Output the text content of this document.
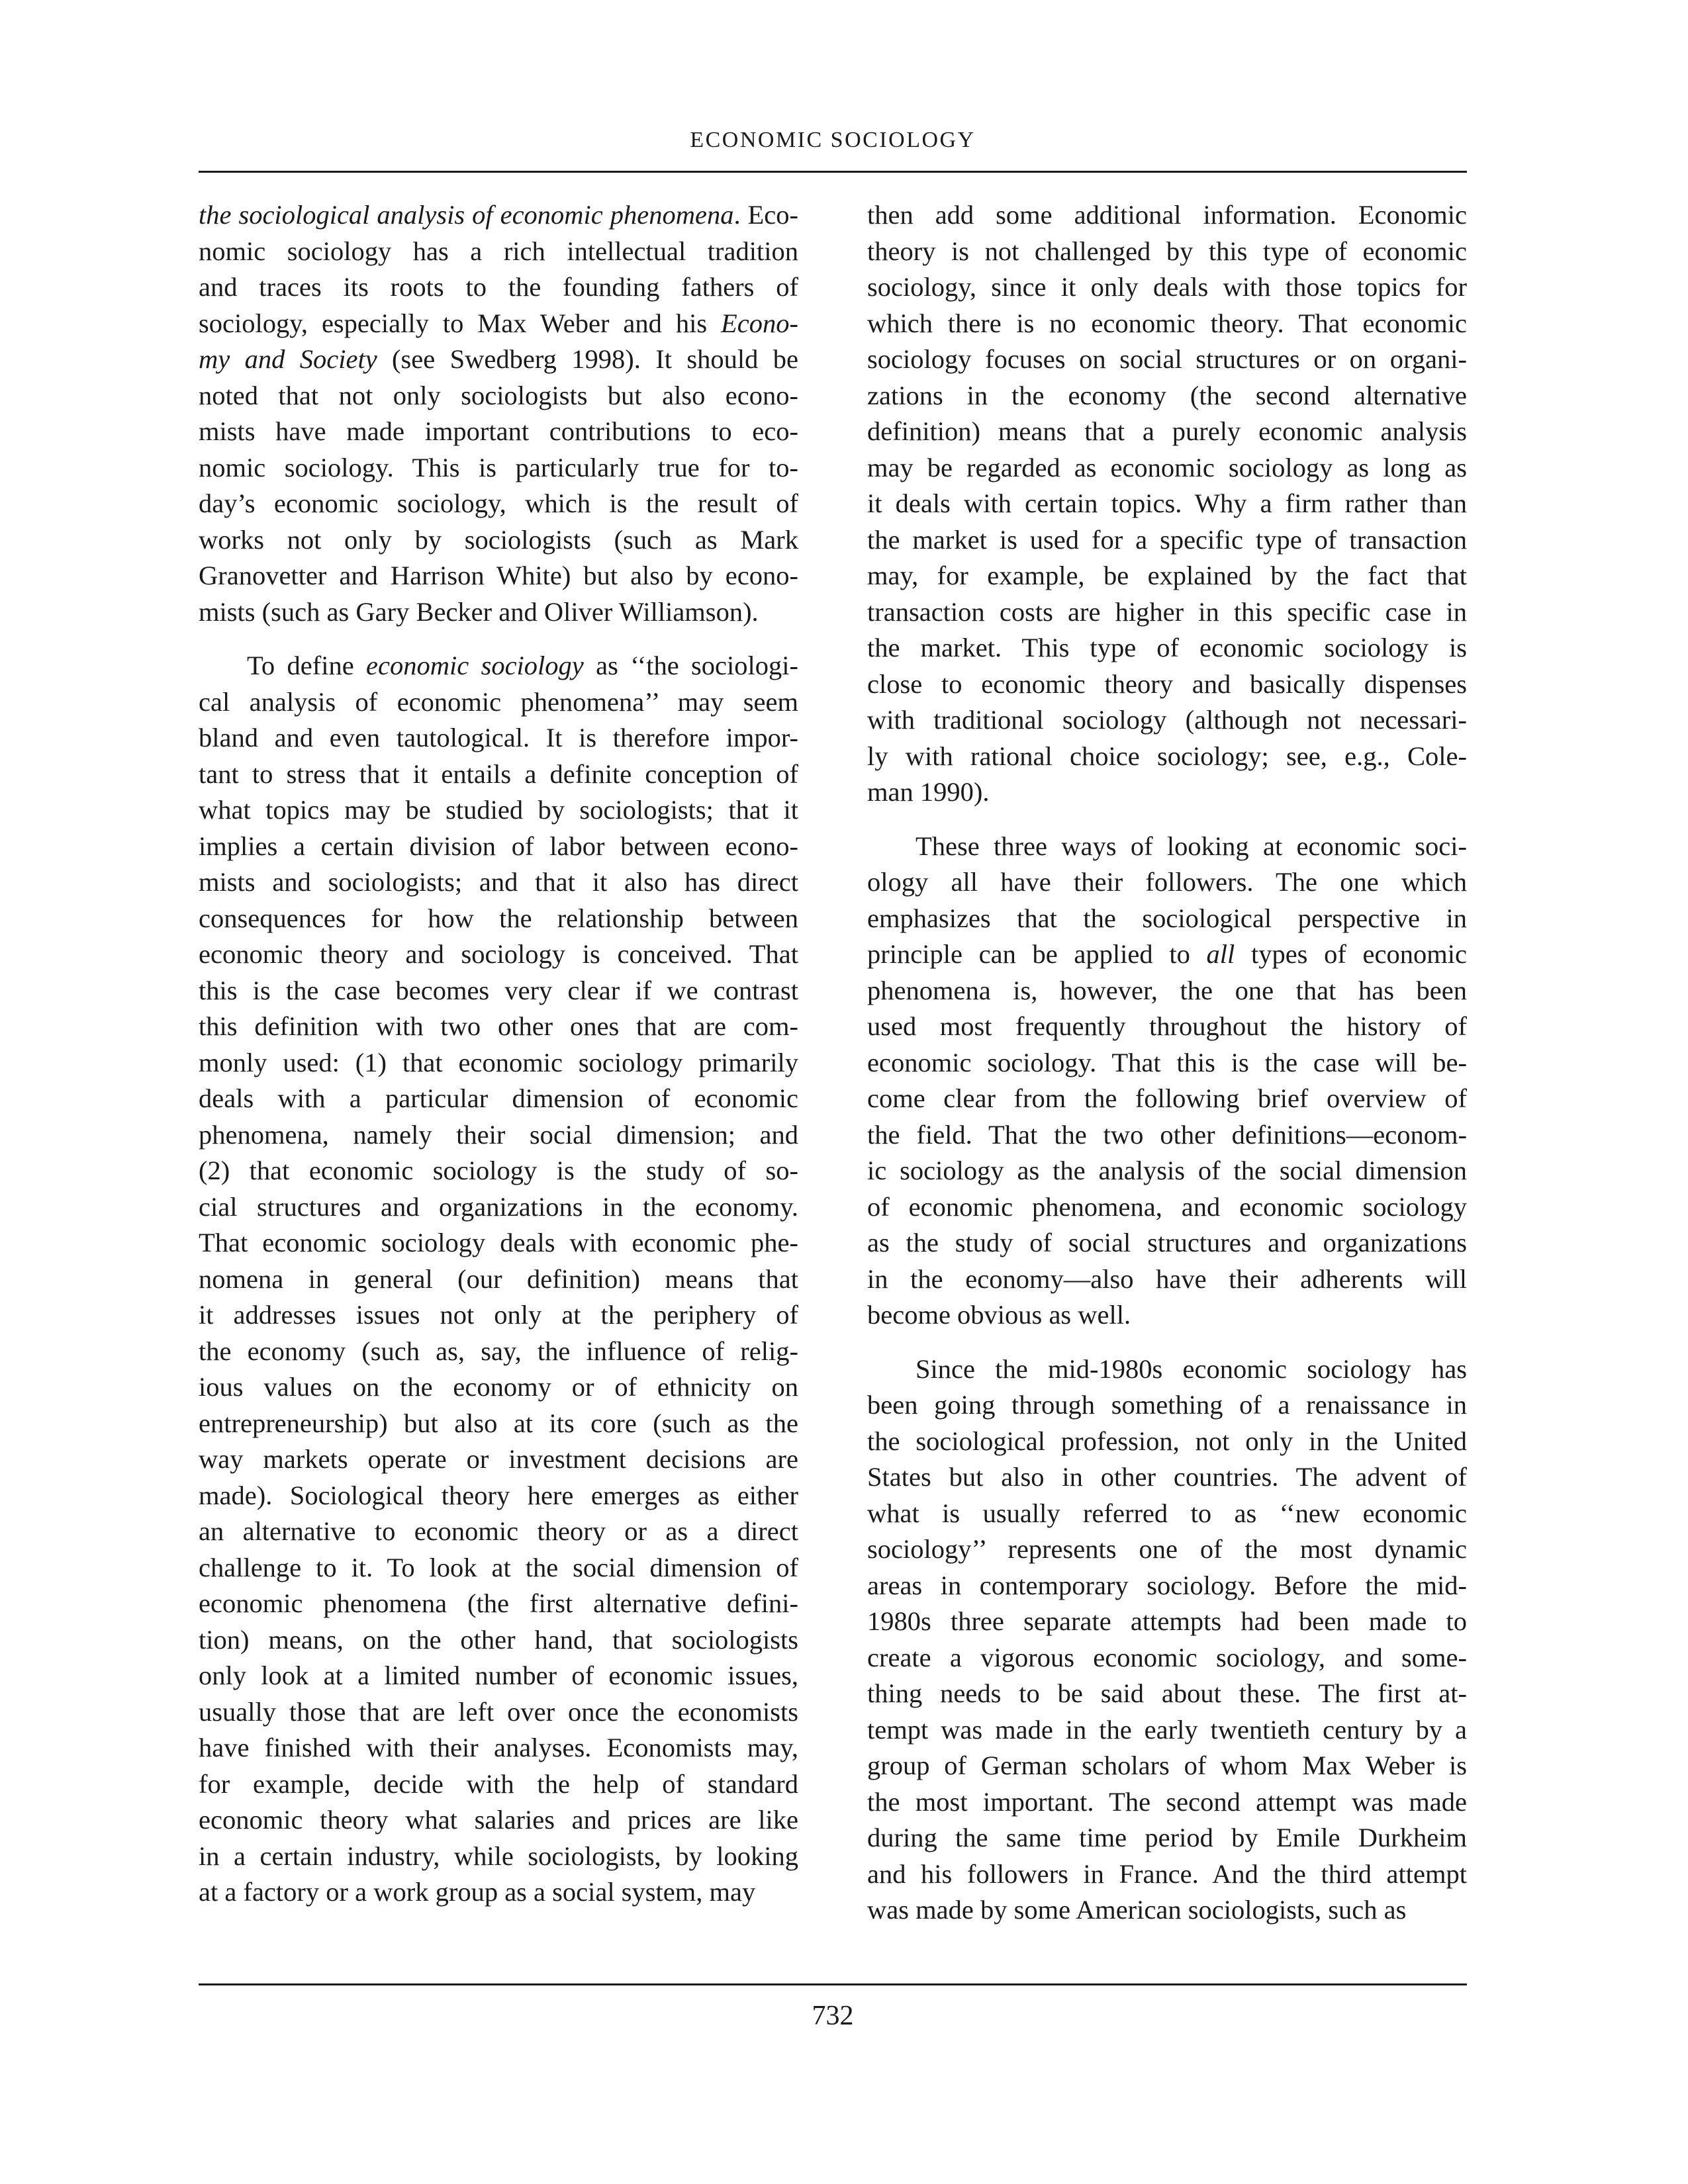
ECONOMIC SOCIOLOGY
the sociological analysis of economic phenomena. Eco-
nomic sociology has a rich intellectual tradition
and traces its roots to the founding fathers of
sociology, especially to Max Weber and his Econo-
my and Society (see Swedberg 1998). It should be
noted that not only sociologists but also econo-
mists have made important contributions to eco-
nomic sociology. This is particularly true for to-
day’s economic sociology, which is the result of
works not only by sociologists (such as Mark
Granovetter and Harrison White) but also by econo-
mists (such as Gary Becker and Oliver Williamson).
To define economic sociology as ‘‘the sociologi-
cal analysis of economic phenomena’’ may seem
bland and even tautological. It is therefore impor-
tant to stress that it entails a definite conception of
what topics may be studied by sociologists; that it
implies a certain division of labor between econo-
mists and sociologists; and that it also has direct
consequences for how the relationship between
economic theory and sociology is conceived. That
this is the case becomes very clear if we contrast
this definition with two other ones that are com-
monly used: (1) that economic sociology primarily
deals with a particular dimension of economic
phenomena, namely their social dimension; and
(2) that economic sociology is the study of so-
cial structures and organizations in the economy.
That economic sociology deals with economic phe-
nomena in general (our definition) means that
it addresses issues not only at the periphery of
the economy (such as, say, the influence of relig-
ious values on the economy or of ethnicity on
entrepreneurship) but also at its core (such as the
way markets operate or investment decisions are
made). Sociological theory here emerges as either
an alternative to economic theory or as a direct
challenge to it. To look at the social dimension of
economic phenomena (the first alternative defini-
tion) means, on the other hand, that sociologists
only look at a limited number of economic issues,
usually those that are left over once the economists
have finished with their analyses. Economists may,
for example, decide with the help of standard
economic theory what salaries and prices are like
in a certain industry, while sociologists, by looking
at a factory or a work group as a social system, may
then add some additional information. Economic
theory is not challenged by this type of economic
sociology, since it only deals with those topics for
which there is no economic theory. That economic
sociology focuses on social structures or on organi-
zations in the economy (the second alternative
definition) means that a purely economic analysis
may be regarded as economic sociology as long as
it deals with certain topics. Why a firm rather than
the market is used for a specific type of transaction
may, for example, be explained by the fact that
transaction costs are higher in this specific case in
the market. This type of economic sociology is
close to economic theory and basically dispenses
with traditional sociology (although not necessari-
ly with rational choice sociology; see, e.g., Cole-
man 1990).
These three ways of looking at economic soci-
ology all have their followers. The one which
emphasizes that the sociological perspective in
principle can be applied to all types of economic
phenomena is, however, the one that has been
used most frequently throughout the history of
economic sociology. That this is the case will be-
come clear from the following brief overview of
the field. That the two other definitions—econom-
ic sociology as the analysis of the social dimension
of economic phenomena, and economic sociology
as the study of social structures and organizations
in the economy—also have their adherents will
become obvious as well.
Since the mid-1980s economic sociology has
been going through something of a renaissance in
the sociological profession, not only in the United
States but also in other countries. The advent of
what is usually referred to as ‘‘new economic
sociology’’ represents one of the most dynamic
areas in contemporary sociology. Before the mid-
1980s three separate attempts had been made to
create a vigorous economic sociology, and some-
thing needs to be said about these. The first at-
tempt was made in the early twentieth century by a
group of German scholars of whom Max Weber is
the most important. The second attempt was made
during the same time period by Emile Durkheim
and his followers in France. And the third attempt
was made by some American sociologists, such as
732
